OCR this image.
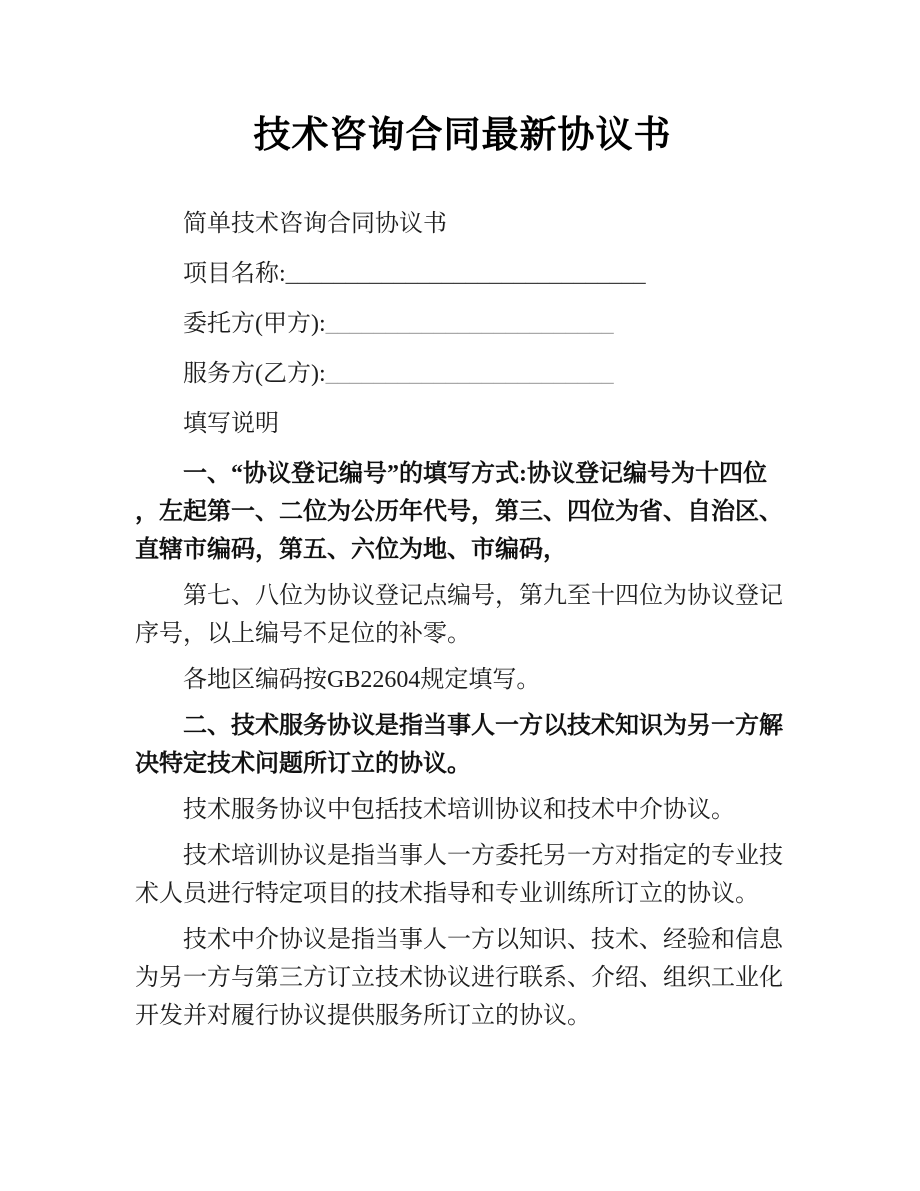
技术咨询合同最新协议书

简单技术咨询合同协议书

项目名称:______________________________

委托方(甲方):________________________

服务方(乙方):________________________

填写说明

一、“协议登记编号”的填写方式:协议登记编号为十四位，左起第一、二位为公历年代号，第三、四位为省、自治区、直辖市编码，第五、六位为地、市编码，

第七、八位为协议登记点编号，第九至十四位为协议登记序号，以上编号不足位的补零。

各地区编码按GB22604规定填写。

二、技术服务协议是指当事人一方以技术知识为另一方解决特定技术问题所订立的协议。

技术服务协议中包括技术培训协议和技术中介协议。

技术培训协议是指当事人一方委托另一方对指定的专业技术人员进行特定项目的技术指导和专业训练所订立的协议。

技术中介协议是指当事人一方以知识、技术、经验和信息为另一方与第三方订立技术协议进行联系、介绍、组织工业化开发并对履行协议提供服务所订立的协议。
